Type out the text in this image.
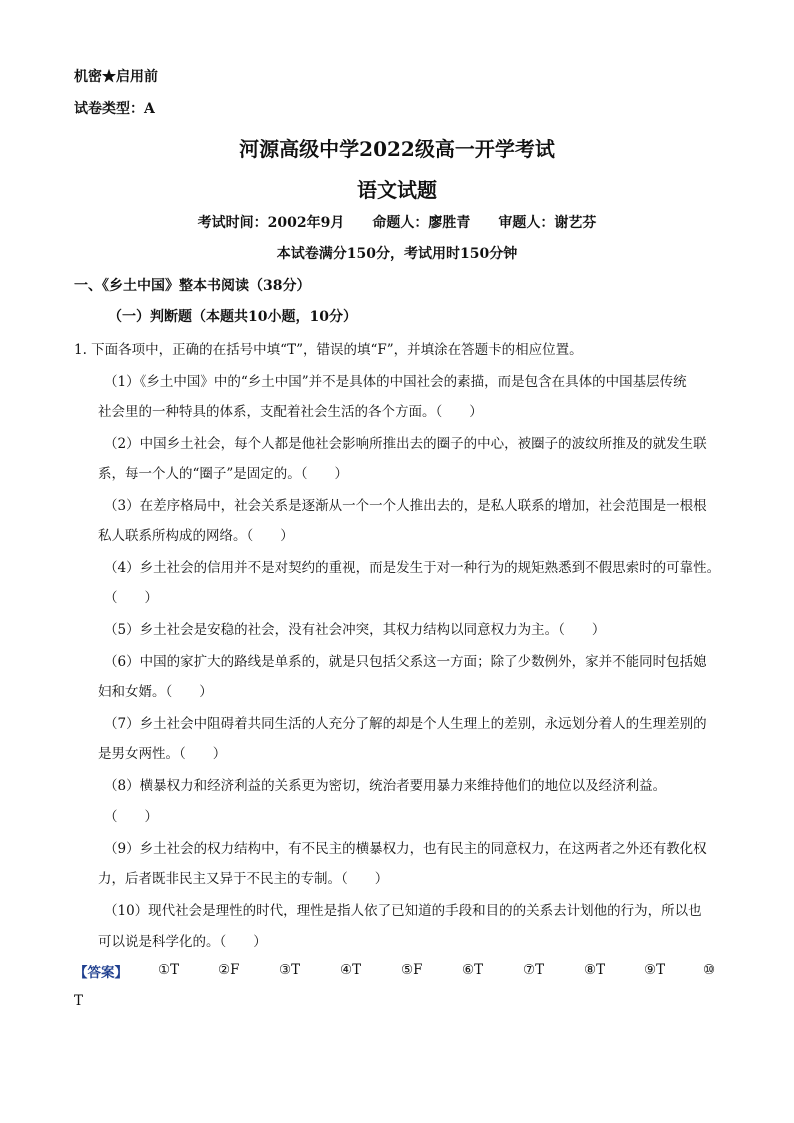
机密★启用前
试卷类型：A
河源高级中学2022级高一开学考试
语文试题
考试时间：2002年9月　　命题人：廖胜青　　审题人：谢艺芬
本试卷满分150分，考试用时150分钟
一、《乡土中国》整本书阅读（38分）
（一）判断题（本题共10小题，10分）
1. 下面各项中，正确的在括号中填“T”，错误的填“F”，并填涂在答题卡的相应位置。
（1）《乡土中国》中的“乡土中国”并不是具体的中国社会的素描，而是包含在具体的中国基层传统
社会里的一种特具的体系，支配着社会生活的各个方面。（　　）
（2）中国乡土社会，每个人都是他社会影响所推出去的圈子的中心，被圈子的波纹所推及的就发生联
系，每一个人的“圈子”是固定的。（　　）
（3）在差序格局中，社会关系是逐渐从一个一个人推出去的，是私人联系的增加，社会范围是一根根
私人联系所构成的网络。（　　）
（4）乡土社会的信用并不是对契约的重视，而是发生于对一种行为的规矩熟悉到不假思索时的可靠性。
（　　）
（5）乡土社会是安稳的社会，没有社会冲突，其权力结构以同意权力为主。（　　）
（6）中国的家扩大的路线是单系的，就是只包括父系这一方面；除了少数例外，家并不能同时包括媳
妇和女婿。（　　）
（7）乡土社会中阻碍着共同生活的人充分了解的却是个人生理上的差别，永远划分着人的生理差别的
是男女两性。（　　）
（8）横暴权力和经济利益的关系更为密切，统治者要用暴力来维持他们的地位以及经济利益。
（　　）
（9）乡土社会的权力结构中，有不民主的横暴权力，也有民主的同意权力，在这两者之外还有教化权
力，后者既非民主又异于不民主的专制。（　　）
（10）现代社会是理性的时代，理性是指人依了已知道的手段和目的的关系去计划他的行为，所以也
可以说是科学化的。（　　）
【答案】 ①T	②F	③T	④T	⑤F	⑥T	⑦T	⑧T	⑨T	⑩
T
